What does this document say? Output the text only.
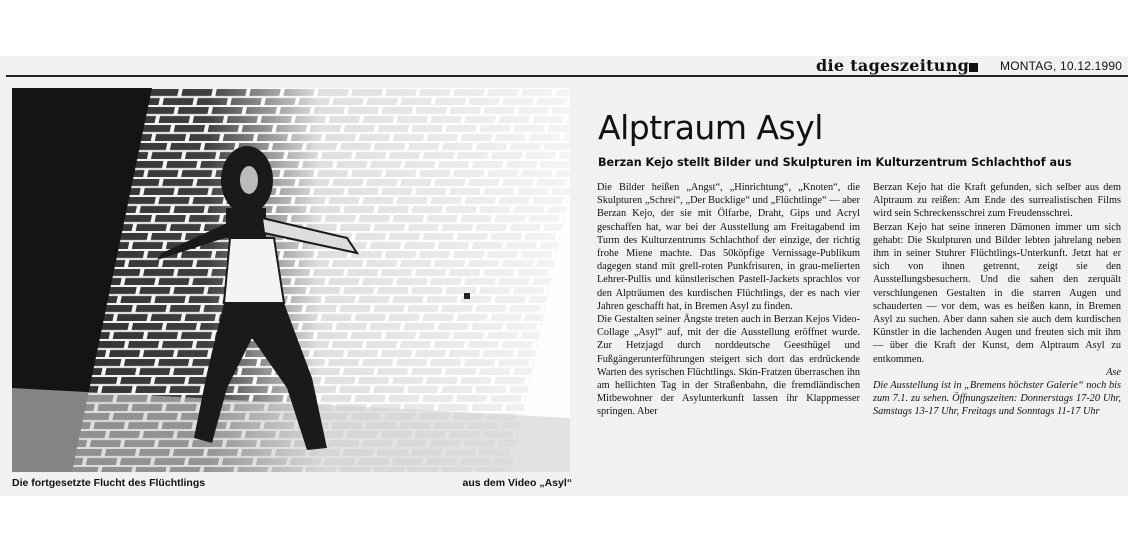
die tageszeitung	MONTAG, 10.12.1990
Die fortgesetzte Flucht des Flüchtlings	aus dem Video „Asyl“
Alptraum Asyl
Berzan Kejo stellt Bilder und Skulpturen im Kulturzentrum Schlachthof aus

Die Bilder heißen „Angst“, „Hinrichtung“, „Knoten“, die Skulpturen „Schrei“, „Der Bucklige“ und „Flüchtlinge“ — aber Berzan Kejo, der sie mit Ölfarbe, Draht, Gips und Acryl geschaffen hat, war bei der Ausstellung am Freitagabend im Turm des Kulturzentrums Schlachthof der einzige, der richtig frohe Miene machte. Das 50köpfige Vernissage-Publikum dagegen stand mit grell-roten Punkfrisuren, in grau-melierten Lehrer-Pullis und künstlerischen Pastell-Jackets sprachlos vor den Alpträumen des kurdischen Flüchtlings, der es nach vier Jahren geschafft hat, in Bremen Asyl zu finden.

Die Gestalten seiner Ängste treten auch in Berzan Kejos Video-Collage „Asyl“ auf, mit der die Ausstellung eröffnet wurde. Zur Hetzjagd durch norddeutsche Geesthügel und Fußgängerunterführungen steigert sich dort das erdrückende Warten des syrischen Flüchtlings. Skin-Fratzen überraschen ihn am hellichten Tag in der Straßenbahn, die fremdländischen Mitbewohner der Asylunterkunft lassen ihr Klappmesser springen. Aber

Berzan Kejo hat die Kraft gefunden, sich selber aus dem Alptraum zu reißen: Am Ende des surrealistischen Films wird sein Schreckensschrei zum Freudensschrei.

Berzan Kejo hat seine inneren Dämonen immer um sich gehabt: Die Skulpturen und Bilder lebten jahrelang neben ihm in seiner Stuhrer Flüchtlings-Unterkunft. Jetzt hat er sich von ihnen getrennt, zeigt sie den Ausstellungsbesuchern. Und die sahen den zerquält verschlungenen Gestalten in die starren Augen und schauderten — vor dem, was es heißen kann, in Bremen Asyl zu suchen. Aber dann sahen sie auch dem kurdischen Künstler in die lachenden Augen und freuten sich mit ihm — über die Kraft der Kunst, dem Alptraum Asyl zu entkommen.

Ase

Die Ausstellung ist in „Bremens höchster Galerie“ noch bis zum 7.1. zu sehen. Öffnungszeiten: Donnerstags 17-20 Uhr, Samstags 13-17 Uhr, Freitags und Sonntags 11-17 Uhr
